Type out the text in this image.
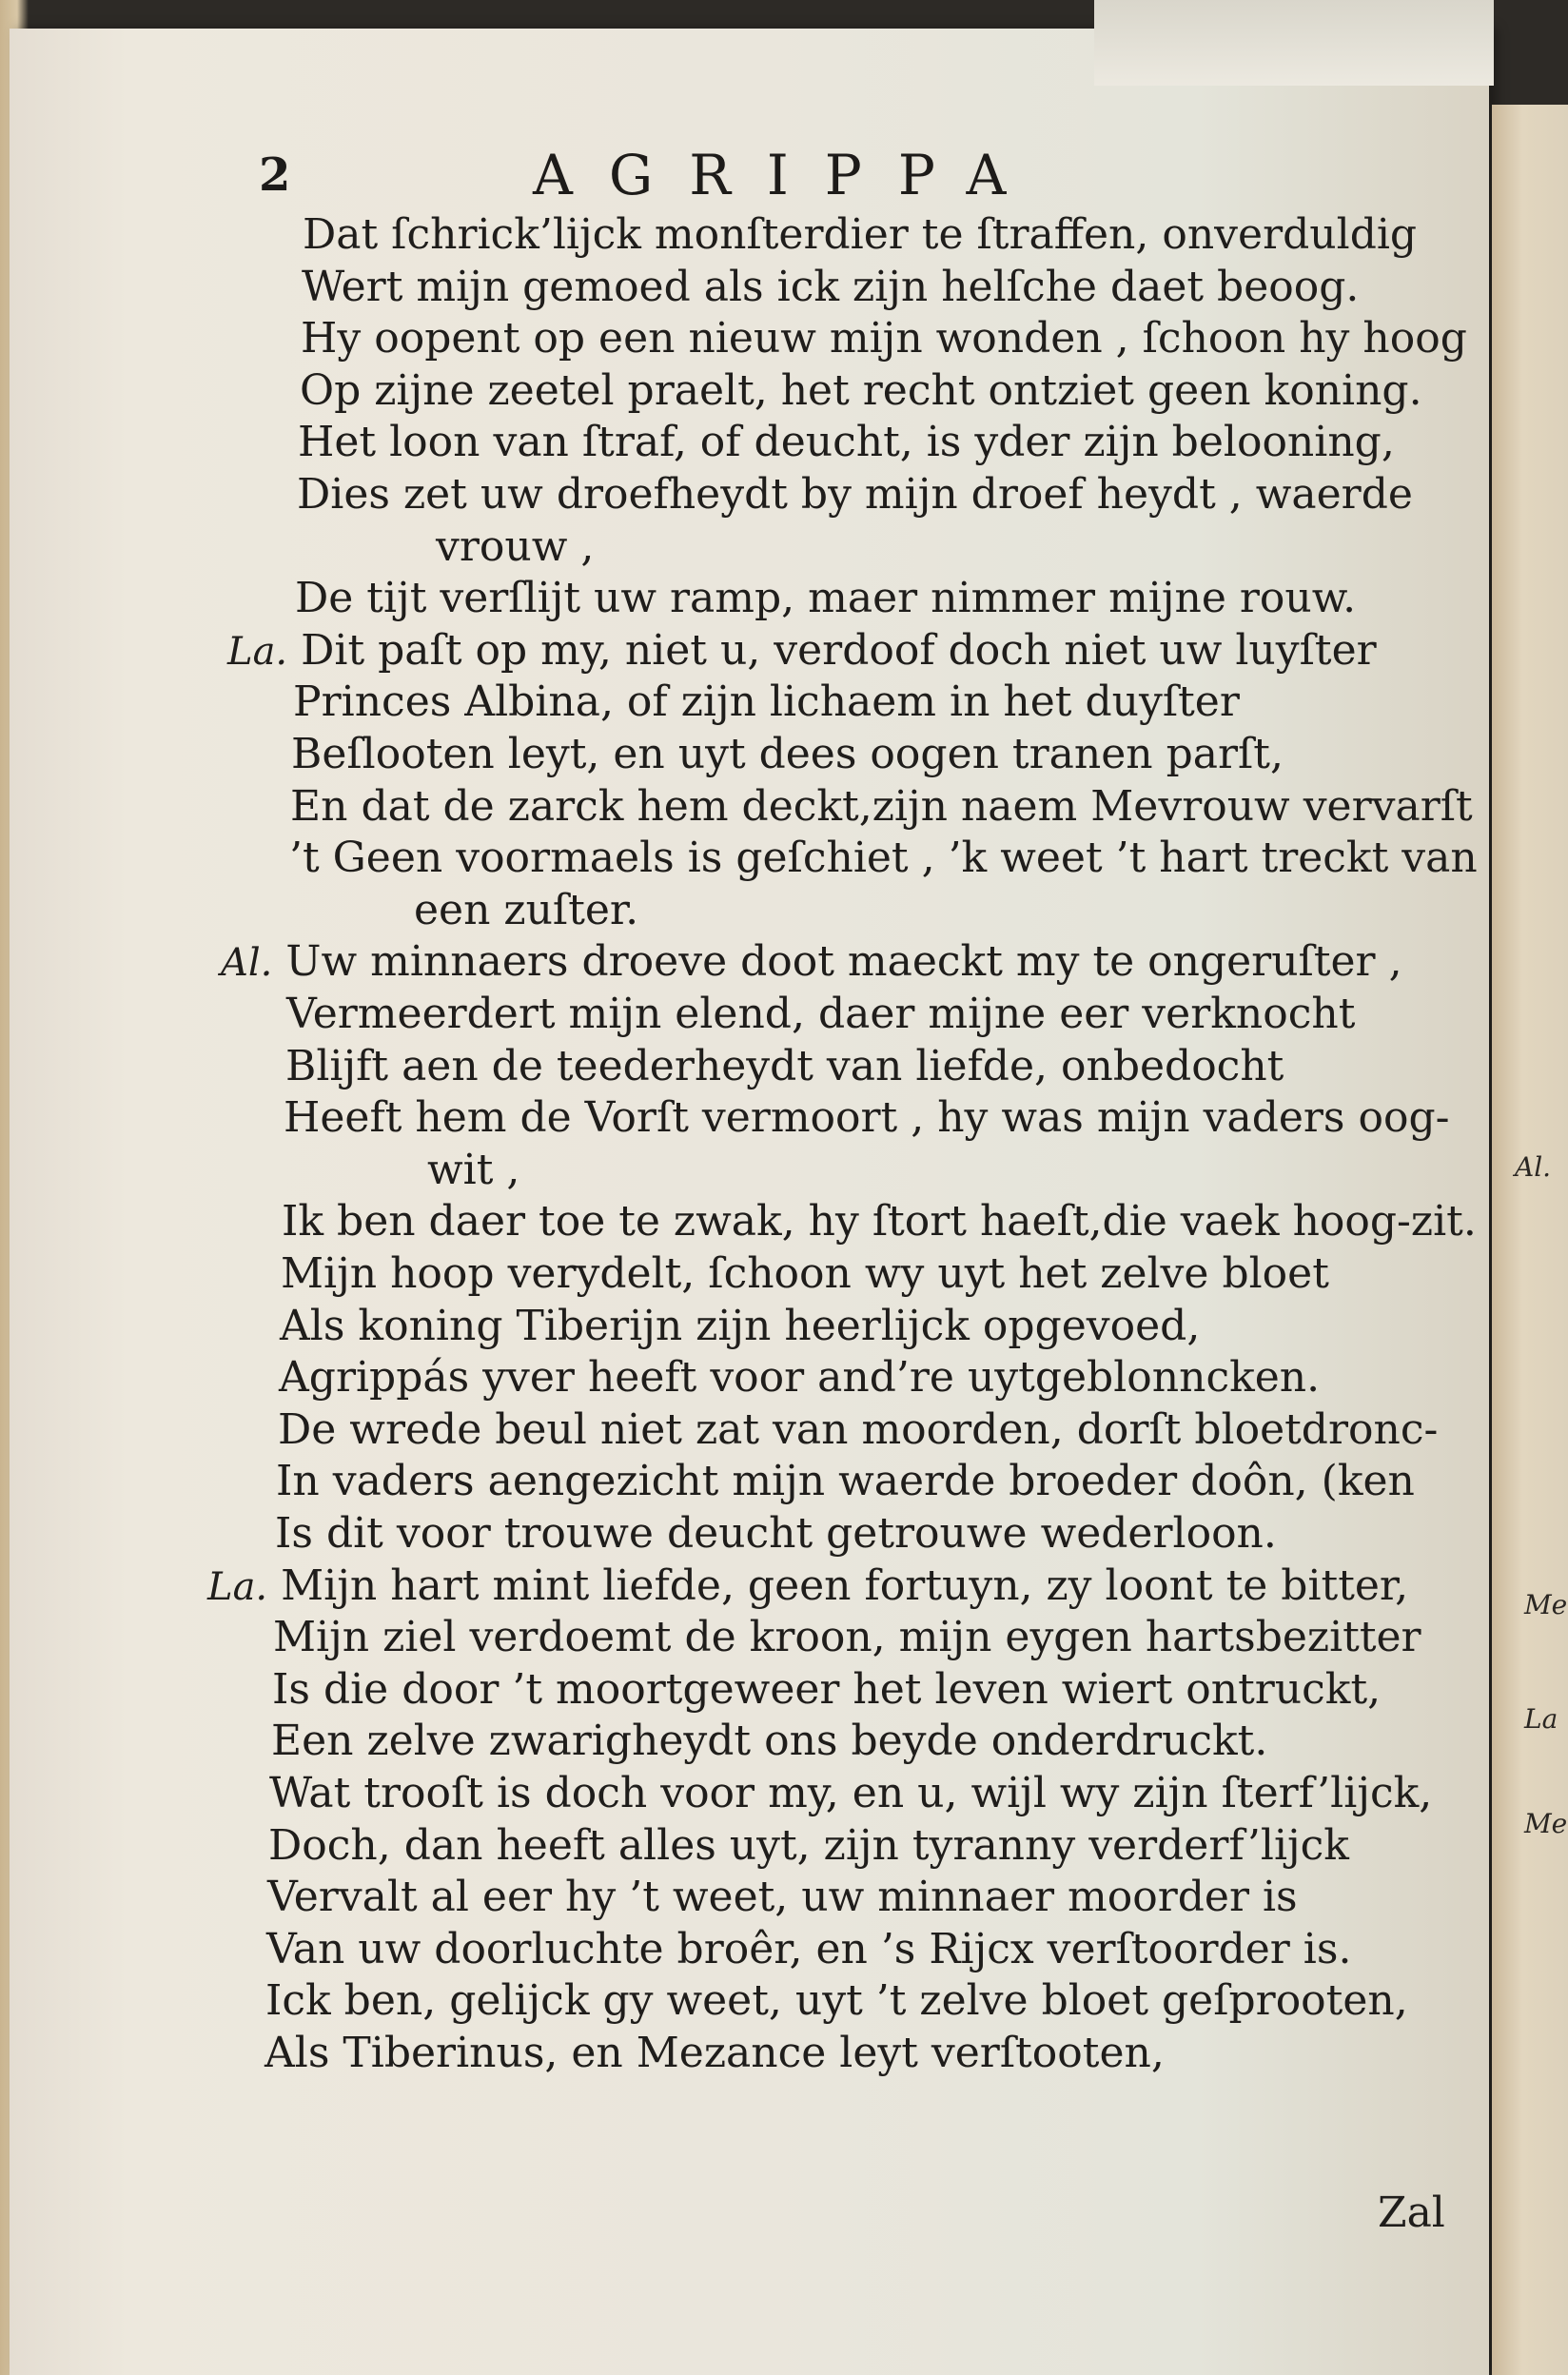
Al.
Me
La
Me
2	AGRIPPA
Dat ſchrick’lijck monſterdier te ſtraffen, onverduldig
Wert mijn gemoed als ick zijn helſche daet beoog.
Hy oopent op een nieuw mijn wonden , ſchoon hy hoog
Op zijne zeetel praelt, het recht ontziet geen koning.
Het loon van ſtraf, of deucht, is yder zijn belooning,
Dies zet uw droefheydt by mijn droef heydt , waerde
vrouw ,
De tijt verſlijt uw ramp, maer nimmer mijne rouw.
La. Dit paſt op my, niet u, verdoof doch niet uw luyſter
Princes Albina, of zijn lichaem in het duyſter
Beſlooten leyt, en uyt dees oogen tranen parſt,
En dat de zarck hem deckt,zijn naem Mevrouw vervarſt
’t Geen voormaels is geſchiet , ’k weet ’t hart treckt van
een zuſter.
Al. Uw minnaers droeve doot maeckt my te ongeruſter ,
Vermeerdert mijn elend, daer mijne eer verknocht
Blijft aen de teederheydt van liefde, onbedocht
Heeft hem de Vorſt vermoort , hy was mijn vaders oog-
wit ,
Ik ben daer toe te zwak, hy ſtort haeſt,die vaek hoog-zit.
Mijn hoop verydelt, ſchoon wy uyt het zelve bloet
Als koning Tiberijn zijn heerlijck opgevoed,
Agrippás yver heeft voor and’re uytgeblonncken.
De wrede beul niet zat van moorden, dorſt bloetdronc-
In vaders aengezicht mijn waerde broeder doôn, (ken
Is dit voor trouwe deucht getrouwe wederloon.
La. Mijn hart mint liefde, geen fortuyn, zy loont te bitter,
Mijn ziel verdoemt de kroon, mijn eygen hartsbezitter
Is die door ’t moortgeweer het leven wiert ontruckt,
Een zelve zwarigheydt ons beyde onderdruckt.
Wat trooſt is doch voor my, en u, wijl wy zijn ſterf’lijck,
Doch, dan heeft alles uyt, zijn tyranny verderf’lijck
Vervalt al eer hy ’t weet, uw minnaer moorder is
Van uw doorluchte broêr, en ’s Rijcx verſtoorder is.
Ick ben, gelijck gy weet, uyt ’t zelve bloet geſprooten,
Als Tiberinus, en Mezance leyt verſtooten,
Zal
